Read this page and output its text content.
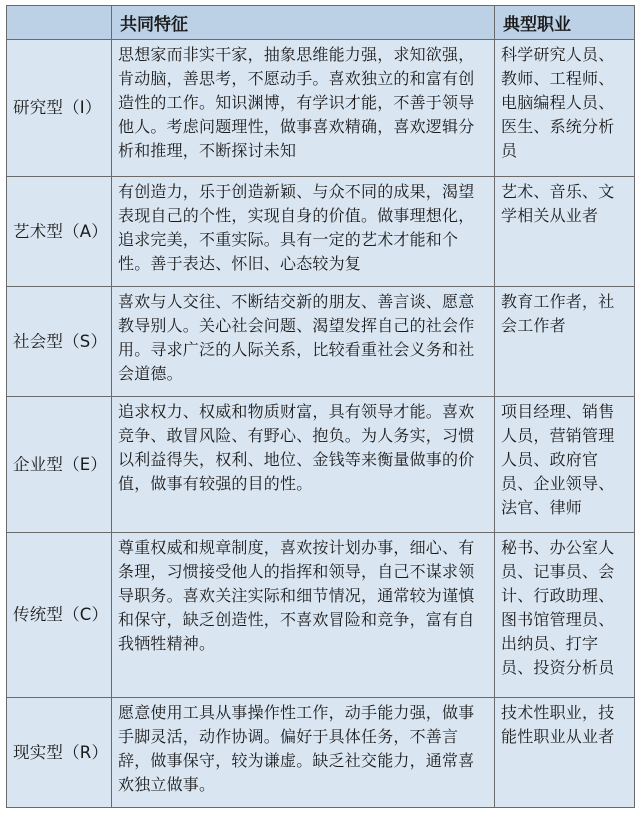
	共同特征	典型职业
研究型（I）	思想家而非实干家，抽象思维能力强，求知欲强，肯动脑，善思考，不愿动手。喜欢独立的和富有创造性的工作。知识渊博，有学识才能，不善于领导他人。考虑问题理性，做事喜欢精确，喜欢逻辑分析和推理，不断探讨未知	科学研究人员、教师、工程师、电脑编程人员、医生、系统分析员
艺术型（A）	有创造力，乐于创造新颖、与众不同的成果，渴望表现自己的个性，实现自身的价值。做事理想化，追求完美，不重实际。具有一定的艺术才能和个性。善于表达、怀旧、心态较为复	艺术、音乐、文学相关从业者
社会型（S）	喜欢与人交往、不断结交新的朋友、善言谈、愿意教导别人。关心社会问题、渴望发挥自己的社会作用。寻求广泛的人际关系，比较看重社会义务和社会道德。	教育工作者，社会工作者
企业型（E）	追求权力、权威和物质财富，具有领导才能。喜欢竞争、敢冒风险、有野心、抱负。为人务实，习惯以利益得失，权利、地位、金钱等来衡量做事的价值，做事有较强的目的性。	项目经理、销售人员，营销管理人员、政府官员、企业领导、法官、律师
传统型（C）	尊重权威和规章制度，喜欢按计划办事，细心、有条理，习惯接受他人的指挥和领导，自己不谋求领导职务。喜欢关注实际和细节情况，通常较为谨慎和保守，缺乏创造性，不喜欢冒险和竞争，富有自我牺牲精神。	秘书、办公室人员、记事员、会计、行政助理、图书馆管理员、出纳员、打字员、投资分析员

现实型（R）	愿意使用工具从事操作性工作，动手能力强，做事手脚灵活，动作协调。偏好于具体任务，不善言辞，做事保守，较为谦虚。缺乏社交能力，通常喜欢独立做事。	技术性职业，技能性职业从业者
